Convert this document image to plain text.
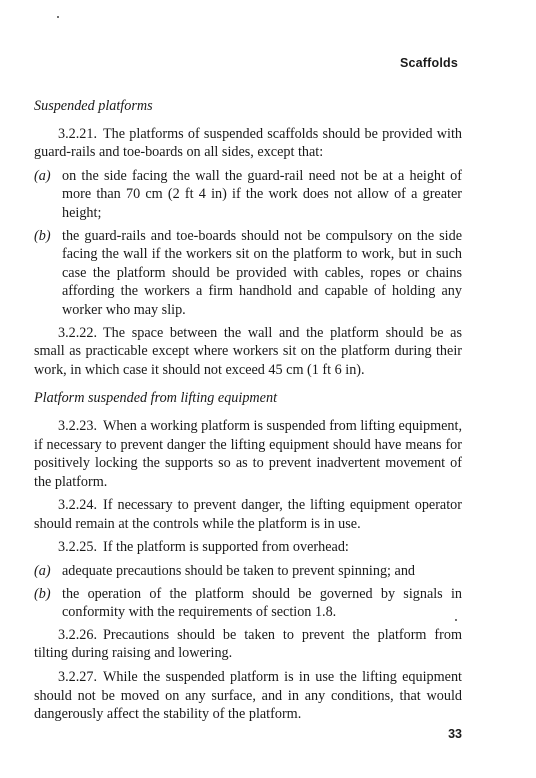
Scaffolds
Suspended platforms

3.2.21. The platforms of suspended scaffolds should be provided with guard-rails and toe-boards on all sides, except that:

(a) on the side facing the wall the guard-rail need not be at a height of more than 70 cm (2 ft 4 in) if the work does not allow of a greater height;
(b) the guard-rails and toe-boards should not be compulsory on the side facing the wall if the workers sit on the platform to work, but in such case the platform should be provided with cables, ropes or chains affording the workers a firm handhold and capable of holding any worker who may slip.

3.2.22. The space between the wall and the platform should be as small as practicable except where workers sit on the platform during their work, in which case it should not exceed 45 cm (1 ft 6 in).

Platform suspended from lifting equipment

3.2.23. When a working platform is suspended from lifting equipment, if necessary to prevent danger the lifting equipment should have means for positively locking the supports so as to prevent inadvertent movement of the platform.

3.2.24. If necessary to prevent danger, the lifting equipment operator should remain at the controls while the platform is in use.

3.2.25. If the platform is supported from overhead:

(a) adequate precautions should be taken to prevent spinning; and
(b) the operation of the platform should be governed by signals in conformity with the requirements of section 1.8.

3.2.26. Precautions should be taken to prevent the platform from tilting during raising and lowering.

3.2.27. While the suspended platform is in use the lifting equipment should not be moved on any surface, and in any conditions, that would dangerously affect the stability of the platform.

33
